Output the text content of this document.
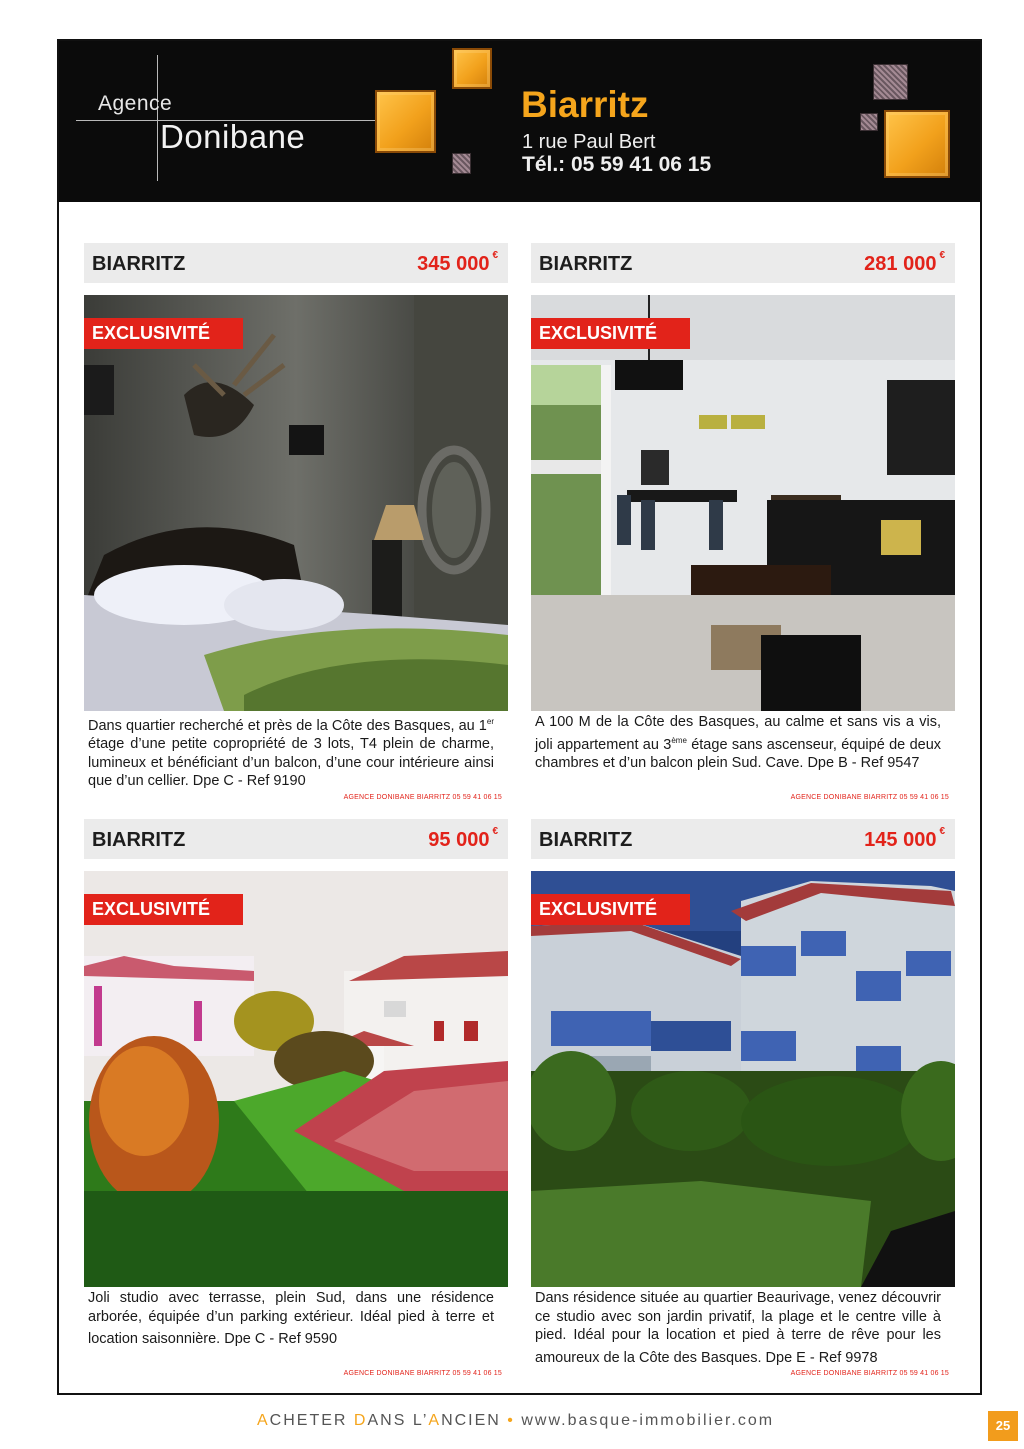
Agence
Donibane
Biarritz
1 rue Paul Bert
Tél.: 05 59 41 06 15
BIARRITZ	345 000 €
EXCLUSIVITÉ
Dans quartier recherché et près de la Côte des Basques, au 1er étage d’une petite copropriété de 3 lots, T4 plein de charme, lumineux et bénéficiant d’un balcon, d’une cour intérieure ainsi que d’un cellier. Dpe C - Ref 9190
AGENCE DONIBANE BIARRITZ 05 59 41 06 15
BIARRITZ	281 000 €
EXCLUSIVITÉ
A 100 M de la Côte des Basques, au calme et sans vis a vis, joli appartement au 3ème étage sans ascenseur, équipé de deux chambres et d’un balcon plein Sud. Cave. Dpe B - Ref 9547
AGENCE DONIBANE BIARRITZ 05 59 41 06 15
BIARRITZ	95 000 €
EXCLUSIVITÉ
Joli studio avec terrasse, plein Sud, dans une résidence arborée, équipée d’un parking extérieur. Idéal pied à terre et location saisonnière. Dpe C - Ref 9590
AGENCE DONIBANE BIARRITZ 05 59 41 06 15
BIARRITZ	145 000 €
EXCLUSIVITÉ
Dans résidence située au quartier Beaurivage, venez découvrir ce studio avec son jardin privatif, la plage et le centre ville à pied. Idéal pour la location et pied à terre de rêve pour les amoureux de la Côte des Basques. Dpe E - Ref 9978
AGENCE DONIBANE BIARRITZ 05 59 41 06 15
ACHETER DANS L’ANCIEN • www.basque-immobilier.com	25
